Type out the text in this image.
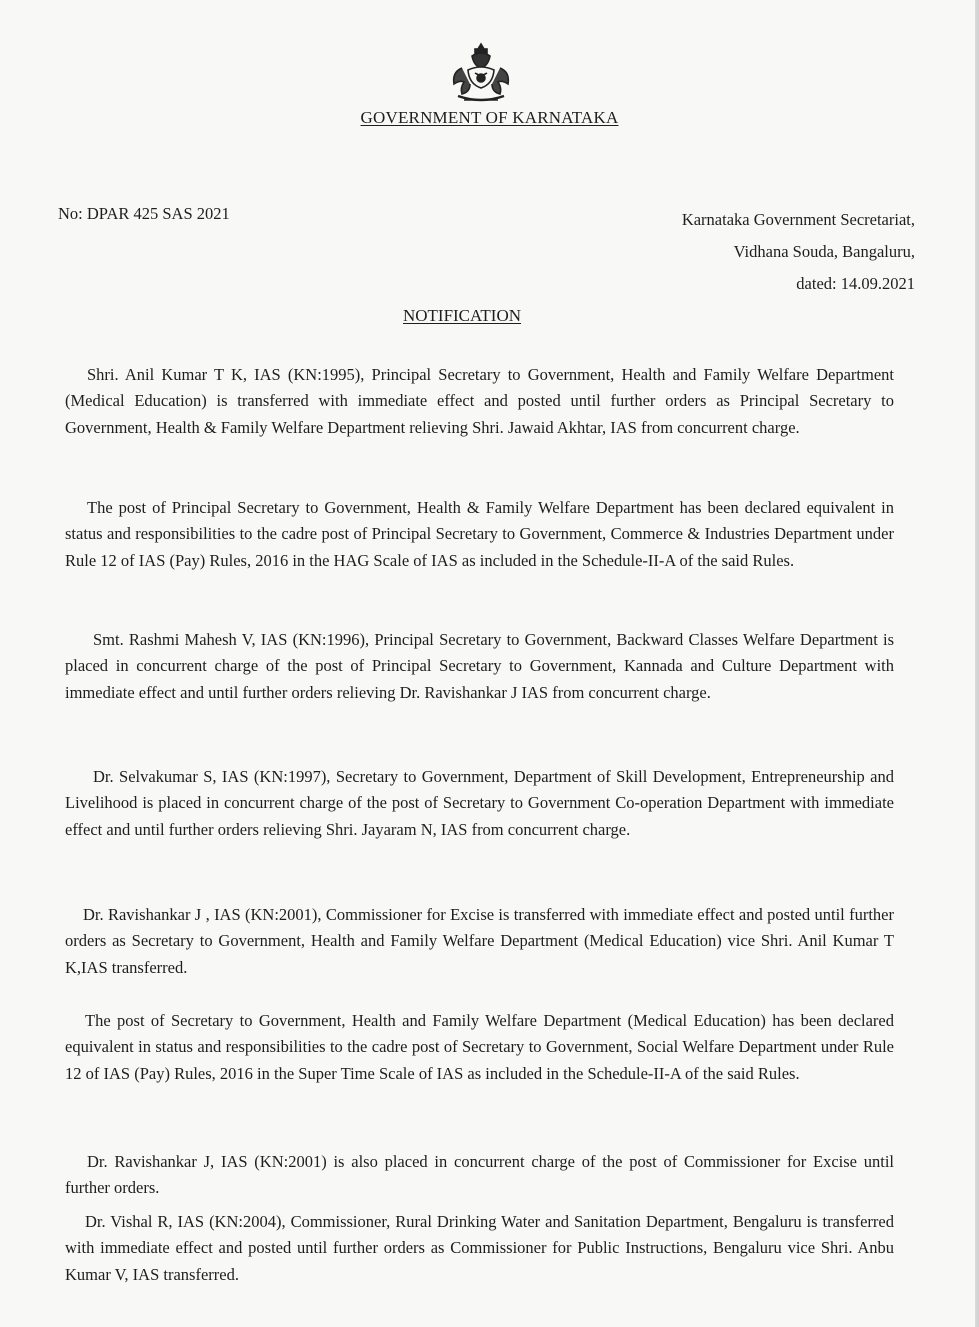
GOVERNMENT OF KARNATAKA
No: DPAR 425 SAS 2021	Karnataka Government Secretariat,
Vidhana Souda, Bangaluru,
dated: 14.09.2021
NOTIFICATION

Shri. Anil Kumar T K, IAS (KN:1995), Principal Secretary to Government, Health and Family Welfare Department (Medical Education) is transferred with immediate effect and posted until further orders as Principal Secretary to Government, Health & Family Welfare Department relieving Shri. Jawaid Akhtar, IAS from concurrent charge.

The post of Principal Secretary to Government, Health & Family Welfare Department has been declared equivalent in status and responsibilities to the cadre post of Principal Secretary to Government, Commerce & Industries Department under Rule 12 of IAS (Pay) Rules, 2016 in the HAG Scale of IAS as included in the Schedule-II-A of the said Rules.

Smt. Rashmi Mahesh V, IAS (KN:1996), Principal Secretary to Government, Backward Classes Welfare Department is placed in concurrent charge of the post of Principal Secretary to Government, Kannada and Culture Department with immediate effect and until further orders relieving Dr. Ravishankar J IAS from concurrent charge.

Dr. Selvakumar S, IAS (KN:1997), Secretary to Government, Department of Skill Development, Entrepreneurship and Livelihood is placed in concurrent charge of the post of Secretary to Government Co-operation Department with immediate effect and until further orders relieving Shri. Jayaram N, IAS from concurrent charge.

Dr. Ravishankar J , IAS (KN:2001), Commissioner for Excise is transferred with immediate effect and posted until further orders as Secretary to Government, Health and Family Welfare Department (Medical Education) vice Shri. Anil Kumar T K,IAS transferred.

The post of Secretary to Government, Health and Family Welfare Department (Medical Education) has been declared equivalent in status and responsibilities to the cadre post of Secretary to Government, Social Welfare Department under Rule 12 of IAS (Pay) Rules, 2016 in the Super Time Scale of IAS as included in the Schedule-II-A of the said Rules.

Dr. Ravishankar J, IAS (KN:2001) is also placed in concurrent charge of the post of Commissioner for Excise until further orders.

Dr. Vishal R, IAS (KN:2004), Commissioner, Rural Drinking Water and Sanitation Department, Bengaluru is transferred with immediate effect and posted until further orders as Commissioner for Public Instructions, Bengaluru vice Shri. Anbu Kumar V, IAS transferred.
